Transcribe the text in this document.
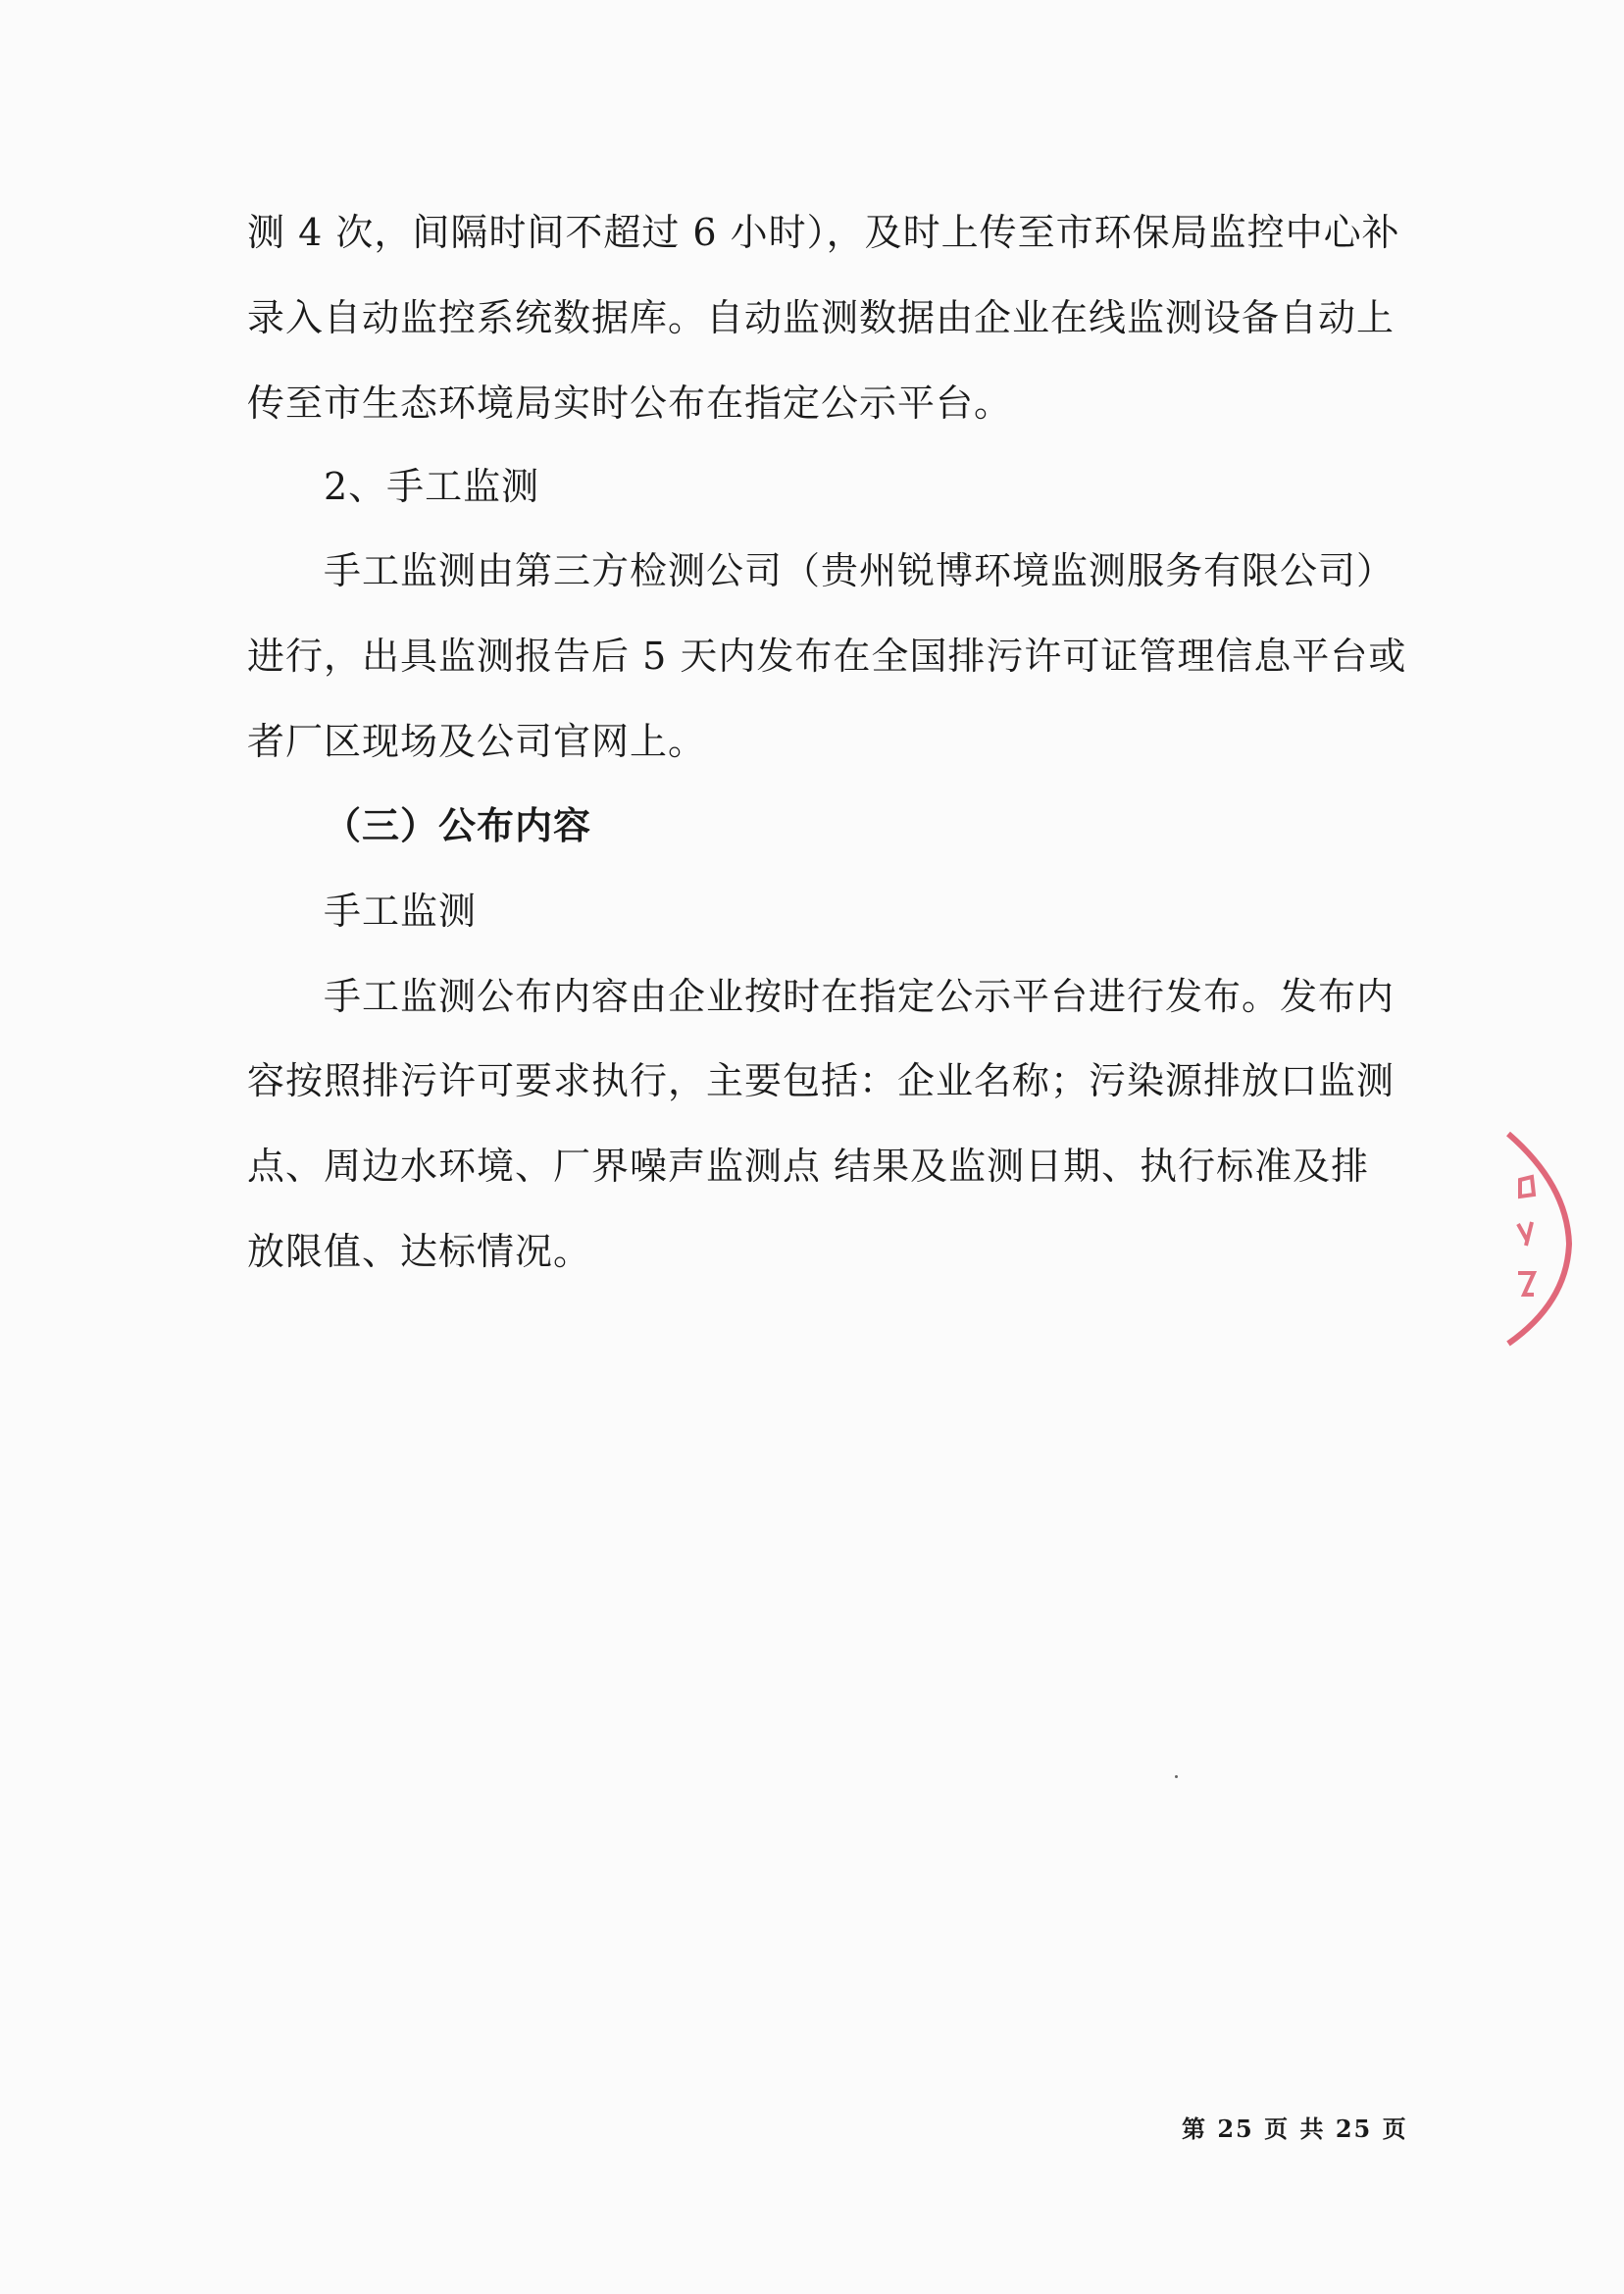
测 4 次，间隔时间不超过 6 小时），及时上传至市环保局监控中心补
录入自动监控系统数据库。自动监测数据由企业在线监测设备自动上
传至市生态环境局实时公布在指定公示平台。
2、手工监测
手工监测由第三方检测公司（贵州锐博环境监测服务有限公司）
进行，出具监测报告后 5 天内发布在全国排污许可证管理信息平台或
者厂区现场及公司官网上。
（三）公布内容
手工监测
手工监测公布内容由企业按时在指定公示平台进行发布。发布内
容按照排污许可要求执行，主要包括：企业名称；污染源排放口监测
点、周边水环境、厂界噪声监测点 结果及监测日期、执行标准及排
放限值、达标情况。
第 25 页 共 25 页
